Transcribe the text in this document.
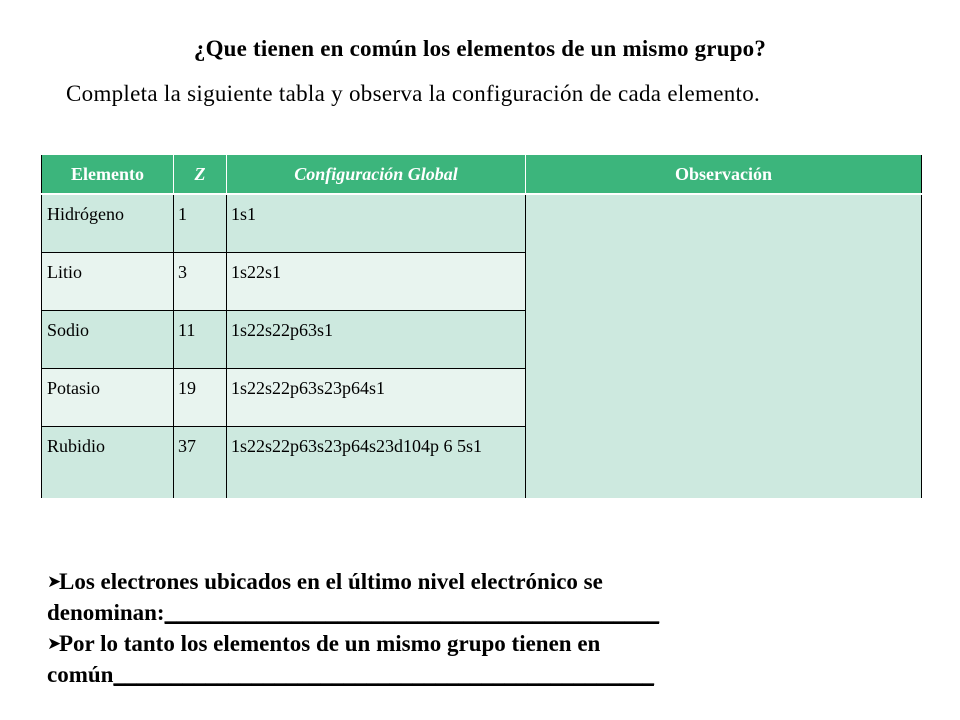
¿Que tienen en común los elementos de un mismo grupo?
Completa la siguiente tabla y observa la configuración de cada elemento.
Elemento	Z	Configuración Global	Observación
Hidrógeno	1	1s1	
Litio	3	1s22s1	
Sodio	11	1s22s22p63s1	
Potasio	19	1s22s22p63s23p64s1	
Rubidio	37	1s22s22p63s23p64s23d104p 6 5s1	
➤Los electrones ubicados en el último nivel electrónico se
denominan:___________________________________________
➤Por lo tanto los elementos de un mismo grupo tienen en
común_______________________________________________
